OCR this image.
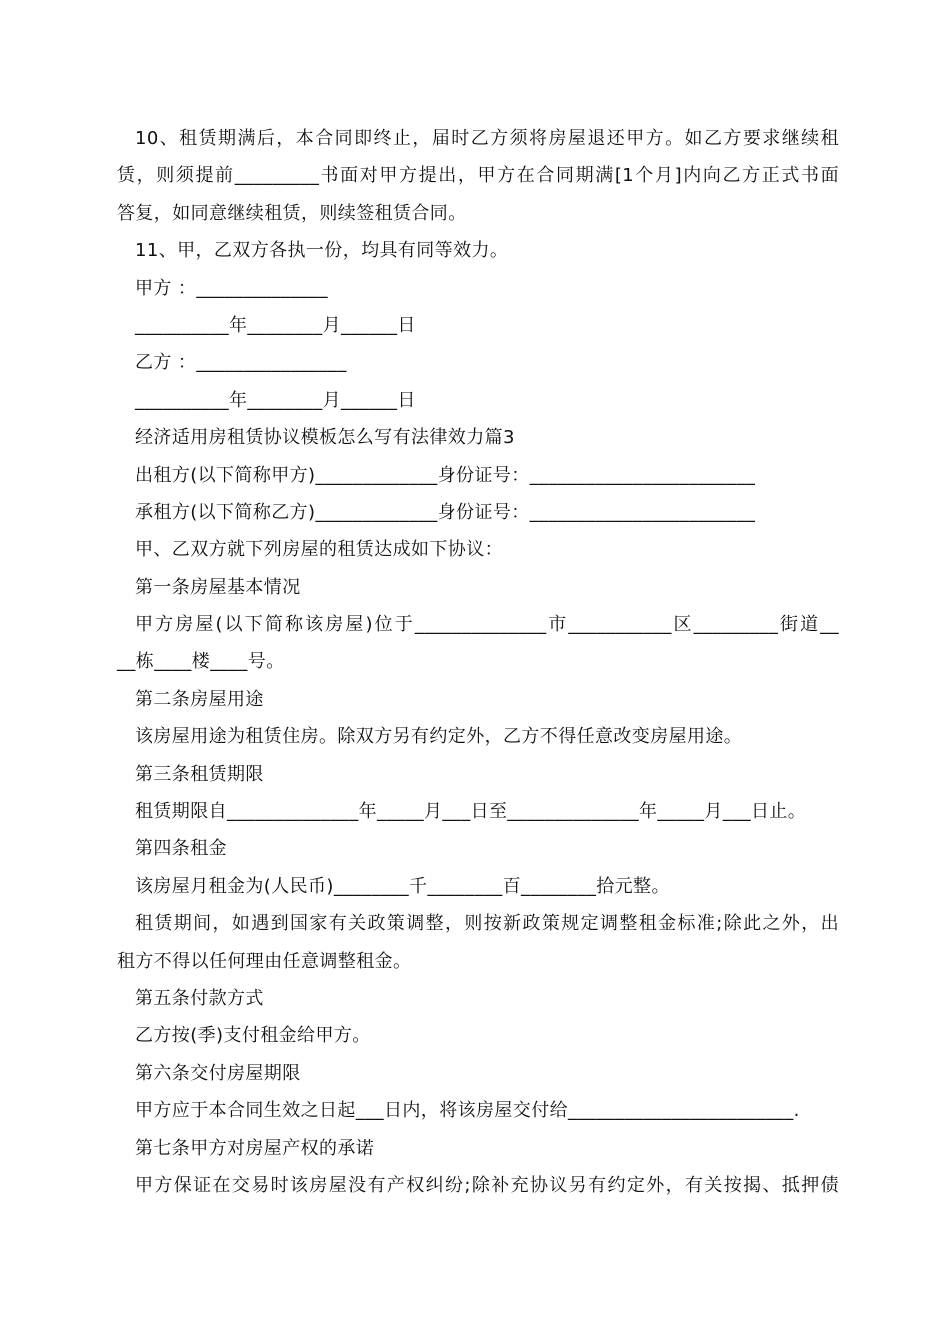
10、租赁期满后，本合同即终止，届时乙方须将房屋退还甲方。如乙方要求继续租
赁，则须提前_________书面对甲方提出，甲方在合同期满[1个月]内向乙方正式书面
答复，如同意继续租赁，则续签租赁合同。
11、甲，乙双方各执一份，均具有同等效力。
甲方 ：______________
__________年________月______日
乙方 ：________________
__________年________月______日
经济适用房租赁协议模板怎么写有法律效力篇3
出租方(以下简称甲方)_____________身份证号：________________________
承租方(以下简称乙方)_____________身份证号：________________________
甲、乙双方就下列房屋的租赁达成如下协议：
第一条房屋基本情况
甲方房屋(以下简称该房屋)位于______________市___________区_________街道__
__栋____楼____号。
第二条房屋用途
该房屋用途为租赁住房。除双方另有约定外，乙方不得任意改变房屋用途。
第三条租赁期限
租赁期限自______________年_____月___日至______________年_____月___日止。
第四条租金
该房屋月租金为(人民币)________千________百________拾元整。
租赁期间，如遇到国家有关政策调整，则按新政策规定调整租金标准;除此之外，出
租方不得以任何理由任意调整租金。
第五条付款方式
乙方按(季)支付租金给甲方。
第六条交付房屋期限
甲方应于本合同生效之日起___日内，将该房屋交付给________________________.
第七条甲方对房屋产权的承诺
甲方保证在交易时该房屋没有产权纠纷;除补充协议另有约定外，有关按揭、抵押债
